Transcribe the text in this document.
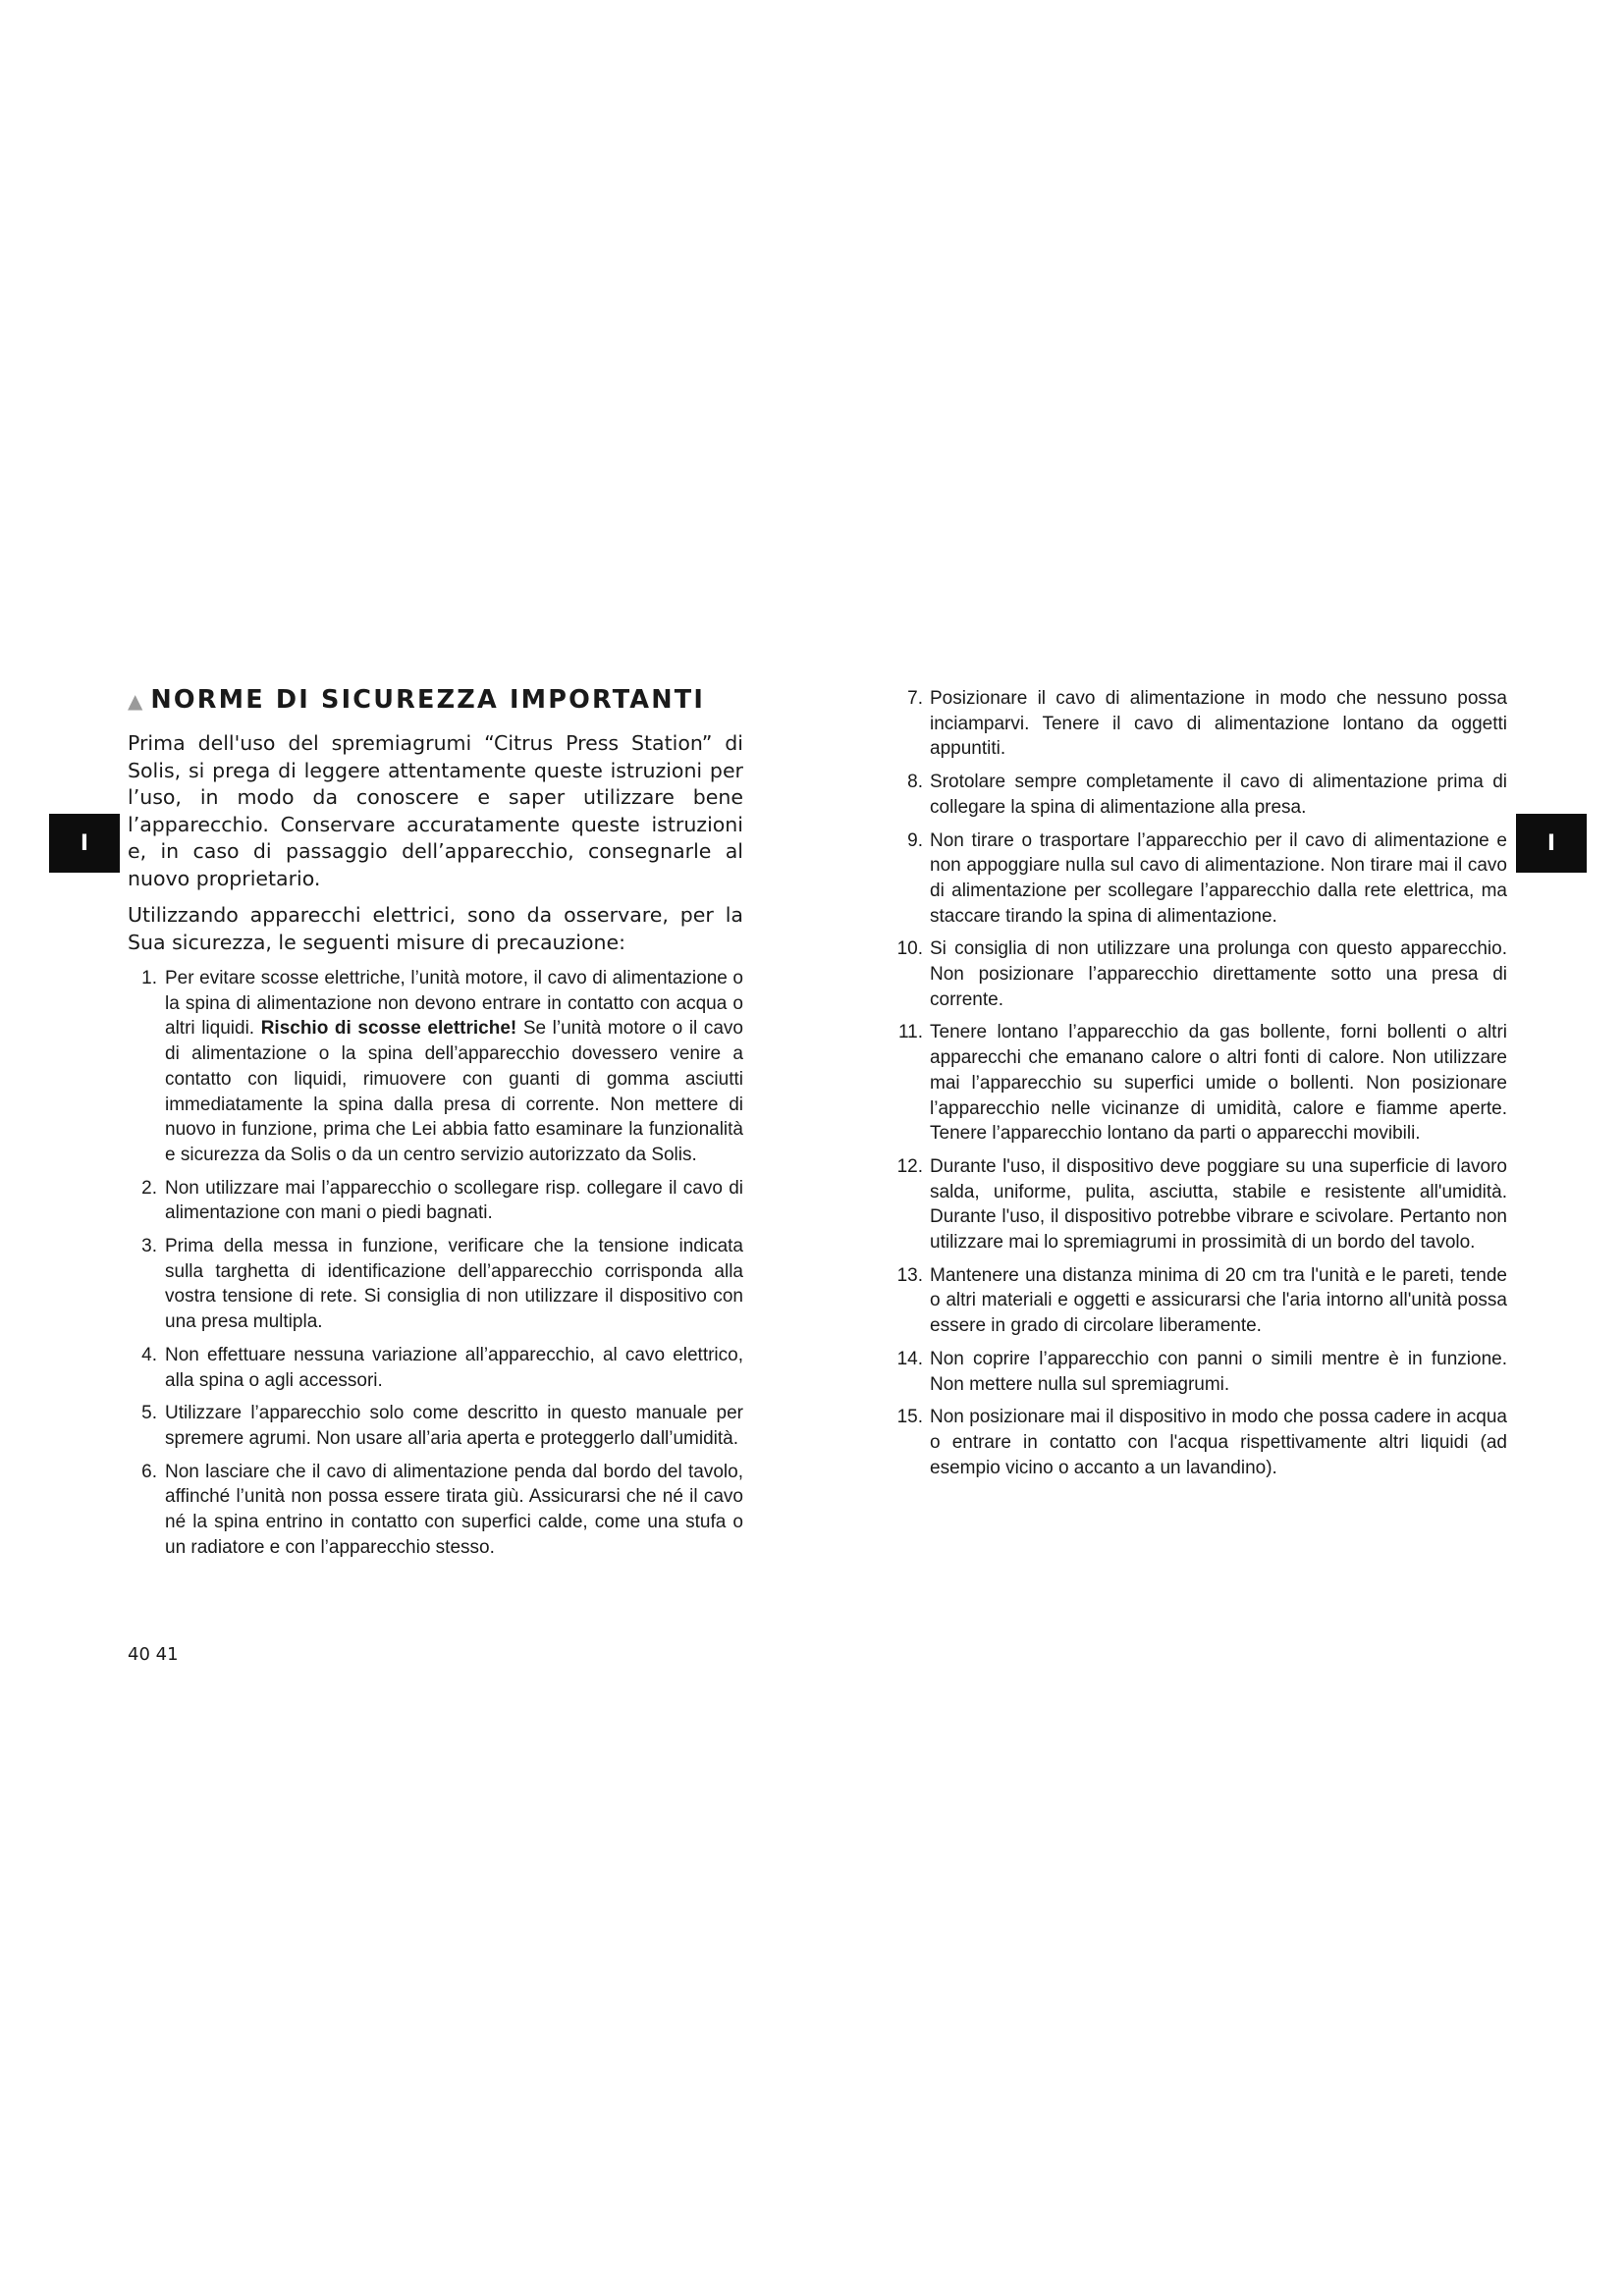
I	I
▲ NORME DI SICUREZZA IMPORTANTI

Prima dell'uso del spremiagrumi “Citrus Press Station” di Solis, si prega di leggere attentamente queste istruzioni per l’uso, in modo da conoscere e saper utilizzare bene l’apparecchio. Conservare accuratamente queste istruzioni e, in caso di passaggio dell’apparecchio, consegnarle al nuovo proprietario.

Utilizzando apparecchi elettrici, sono da osservare, per la Sua sicurezza, le seguenti misure di precauzione:

1. Per evitare scosse elettriche, l’unità motore, il cavo di alimentazione o la spina di alimentazione non devono entrare in contatto con acqua o altri liquidi. Rischio di scosse elettriche! Se l’unità motore o il cavo di alimentazione o la spina dell’apparecchio dovessero venire a contatto con liquidi, rimuovere con guanti di gomma asciutti immediatamente la spina dalla presa di corrente. Non mettere di nuovo in funzione, prima che Lei abbia fatto esaminare la funzionalità e sicurezza da Solis o da un centro servizio autorizzato da Solis.
2. Non utilizzare mai l’apparecchio o scollegare risp. collegare il cavo di alimentazione con mani o piedi bagnati.
3. Prima della messa in funzione, verificare che la tensione indicata sulla targhetta di identificazione dell’apparecchio corrisponda alla vostra tensione di rete. Si consiglia di non utilizzare il dispositivo con una presa multipla.
4. Non effettuare nessuna variazione all’apparecchio, al cavo elettrico, alla spina o agli accessori.
5. Utilizzare l’apparecchio solo come descritto in questo manuale per spremere agrumi. Non usare all’aria aperta e proteggerlo dall’umidità.
6. Non lasciare che il cavo di alimentazione penda dal bordo del tavolo, affinché l’unità non possa essere tirata giù. Assicurarsi che né il cavo né la spina entrino in contatto con superfici calde, come una stufa o un radiatore e con l’apparecchio stesso.
7. Posizionare il cavo di alimentazione in modo che nessuno possa inciamparvi. Tenere il cavo di alimentazione lontano da oggetti appuntiti.
8. Srotolare sempre completamente il cavo di alimentazione prima di collegare la spina di alimentazione alla presa.
9. Non tirare o trasportare l’apparecchio per il cavo di alimentazione e non appoggiare nulla sul cavo di alimentazione. Non tirare mai il cavo di alimentazione per scollegare l’apparecchio dalla rete elettrica, ma staccare tirando la spina di alimentazione.
10. Si consiglia di non utilizzare una prolunga con questo apparecchio. Non posizionare l’apparecchio direttamente sotto una presa di corrente.
11. Tenere lontano l’apparecchio da gas bollente, forni bollenti o altri apparecchi che emanano calore o altri fonti di calore. Non utilizzare mai l’apparecchio su superfici umide o bollenti. Non posizionare l’apparecchio nelle vicinanze di umidità, calore e fiamme aperte. Tenere l’apparecchio lontano da parti o apparecchi movibili.
12. Durante l'uso, il dispositivo deve poggiare su una superficie di lavoro salda, uniforme, pulita, asciutta, stabile e resistente all'umidità. Durante l'uso, il dispositivo potrebbe vibrare e scivolare. Pertanto non utilizzare mai lo spremiagrumi in prossimità di un bordo del tavolo.
13. Mantenere una distanza minima di 20 cm tra l'unità e le pareti, tende o altri materiali e oggetti e assicurarsi che l'aria intorno all'unità possa essere in grado di circolare liberamente.
14. Non coprire l’apparecchio con panni o simili mentre è in funzione. Non mettere nulla sul spremiagrumi.
15. Non posizionare mai il dispositivo in modo che possa cadere in acqua o entrare in contatto con l'acqua rispettivamente altri liquidi (ad esempio vicino o accanto a un lavandino).
40 41
